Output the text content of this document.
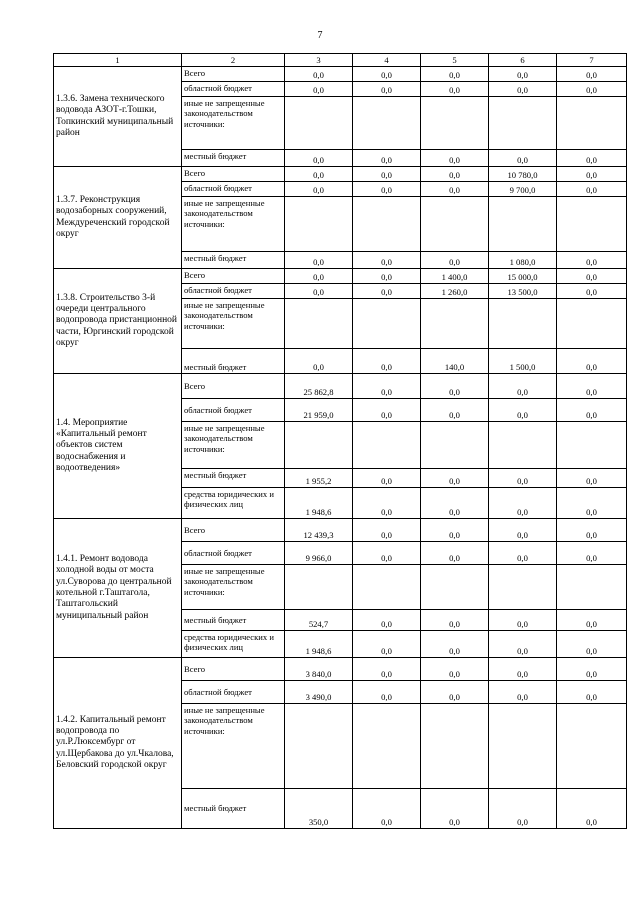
7
1	2	3	4	5	6	7
1.3.6. Замена технического водовода АЗОТ-г.Тошки, Топкинский муниципальный район	Всего	0,0	0,0	0,0	0,0	0,0
	областной бюджет	0,0	0,0	0,0	0,0	0,0
	иные не запрещенные законодательством источники:					
	местный бюджет	0,0	0,0	0,0	0,0	0,0
1.3.7. Реконструкция водозаборных сооружений, Междуреченский городской округ	Всего	0,0	0,0	0,0	10 780,0	0,0
	областной бюджет	0,0	0,0	0,0	9 700,0	0,0
	иные не запрещенные законодательством источники:					
	местный бюджет	0,0	0,0	0,0	1 080,0	0,0
1.3.8. Строительство 3-й очереди центрального водопровода пристанционной части, Юргинский городской округ	Всего	0,0	0,0	1 400,0	15 000,0	0,0
	областной бюджет	0,0	0,0	1 260,0	13 500,0	0,0
	иные не запрещенные законодательством источники:					
	местный бюджет	0,0	0,0	140,0	1 500,0	0,0
1.4. Мероприятие «Капитальный ремонт объектов систем водоснабжения и водоотведения»	Всего	25 862,8	0,0	0,0	0,0	0,0
	областной бюджет	21 959,0	0,0	0,0	0,0	0,0
	иные не запрещенные законодательством источники:					
	местный бюджет	1 955,2	0,0	0,0	0,0	0,0
	средства юридических и физических лиц	1 948,6	0,0	0,0	0,0	0,0
1.4.1. Ремонт водовода холодной воды от моста ул.Суворова до центральной котельной г.Таштагола, Таштагольский муниципальный район	Всего	12 439,3	0,0	0,0	0,0	0,0
	областной бюджет	9 966,0	0,0	0,0	0,0	0,0
	иные не запрещенные законодательством источники:					
	местный бюджет	524,7	0,0	0,0	0,0	0,0
	средства юридических и физических лиц	1 948,6	0,0	0,0	0,0	0,0
1.4.2. Капитальный ремонт водопровода по ул.Р.Люксембург от ул.Щербакова до ул.Чкалова, Беловский городской округ	Всего	3 840,0	0,0	0,0	0,0	0,0
	областной бюджет	3 490,0	0,0	0,0	0,0	0,0
	иные не запрещенные законодательством источники:					
	местный бюджет	350,0	0,0	0,0	0,0	0,0
